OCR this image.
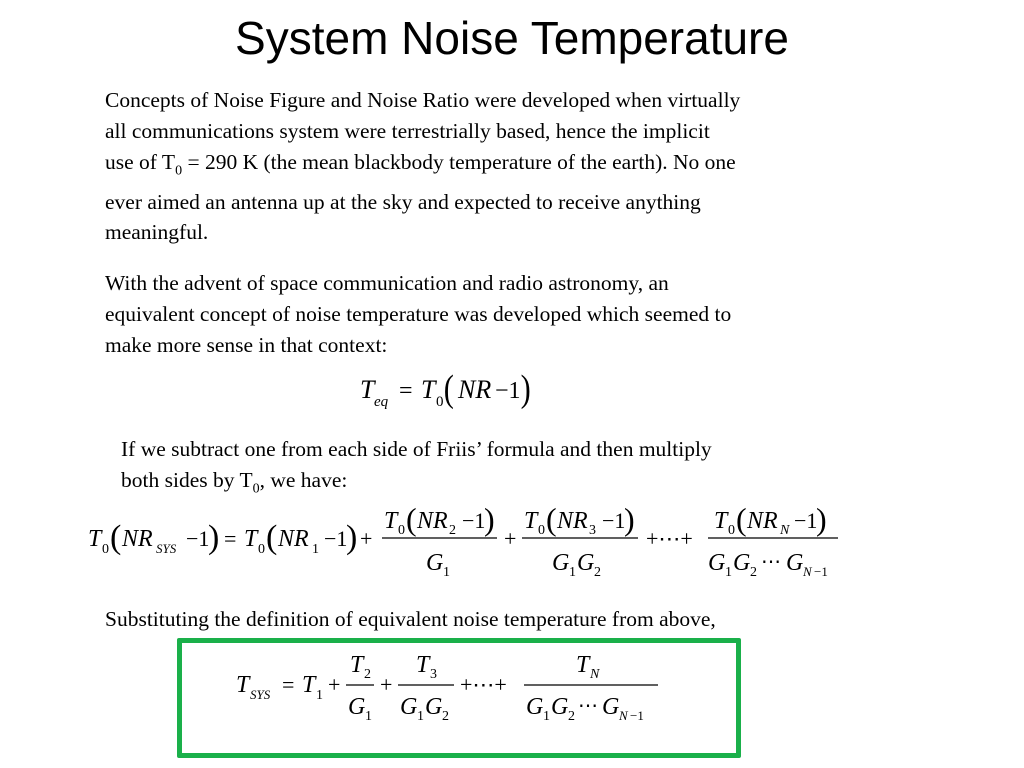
System Noise Temperature
Concepts of Noise Figure and Noise Ratio were developed when virtually
all communications system were terrestrially based, hence the implicit
use of $T_0 = 290$ K (the mean blackbody temperature of the earth). No one
ever aimed an antenna up at the sky and expected to receive anything
meaningful.
With the advent of space communication and radio astronomy, an
equivalent concept of noise temperature was developed which seemed to
make more sense in that context:
T eq = T 0 ( NR −1 )
If we subtract one from each side of Friis’ formula and then multiply
both sides by $T_0$, we have:
T 0 ( NR SYS −1
) = T 0 ( NR 1 −1
) +
T 0 ( NR 2 −1
)
G 1
+
T 0 ( NR 3 −1
)
G 1 G 2
+⋯+
T 0 ( NR N −1
)
G 1 G 2 ⋯ G N −1
Substituting the definition of equivalent noise temperature from above,
T SYS = T 1 +
T 2
G 1
+
T 3
G 1 G 2
+⋯+
T N
G 1 G 2 ⋯ G N −1
